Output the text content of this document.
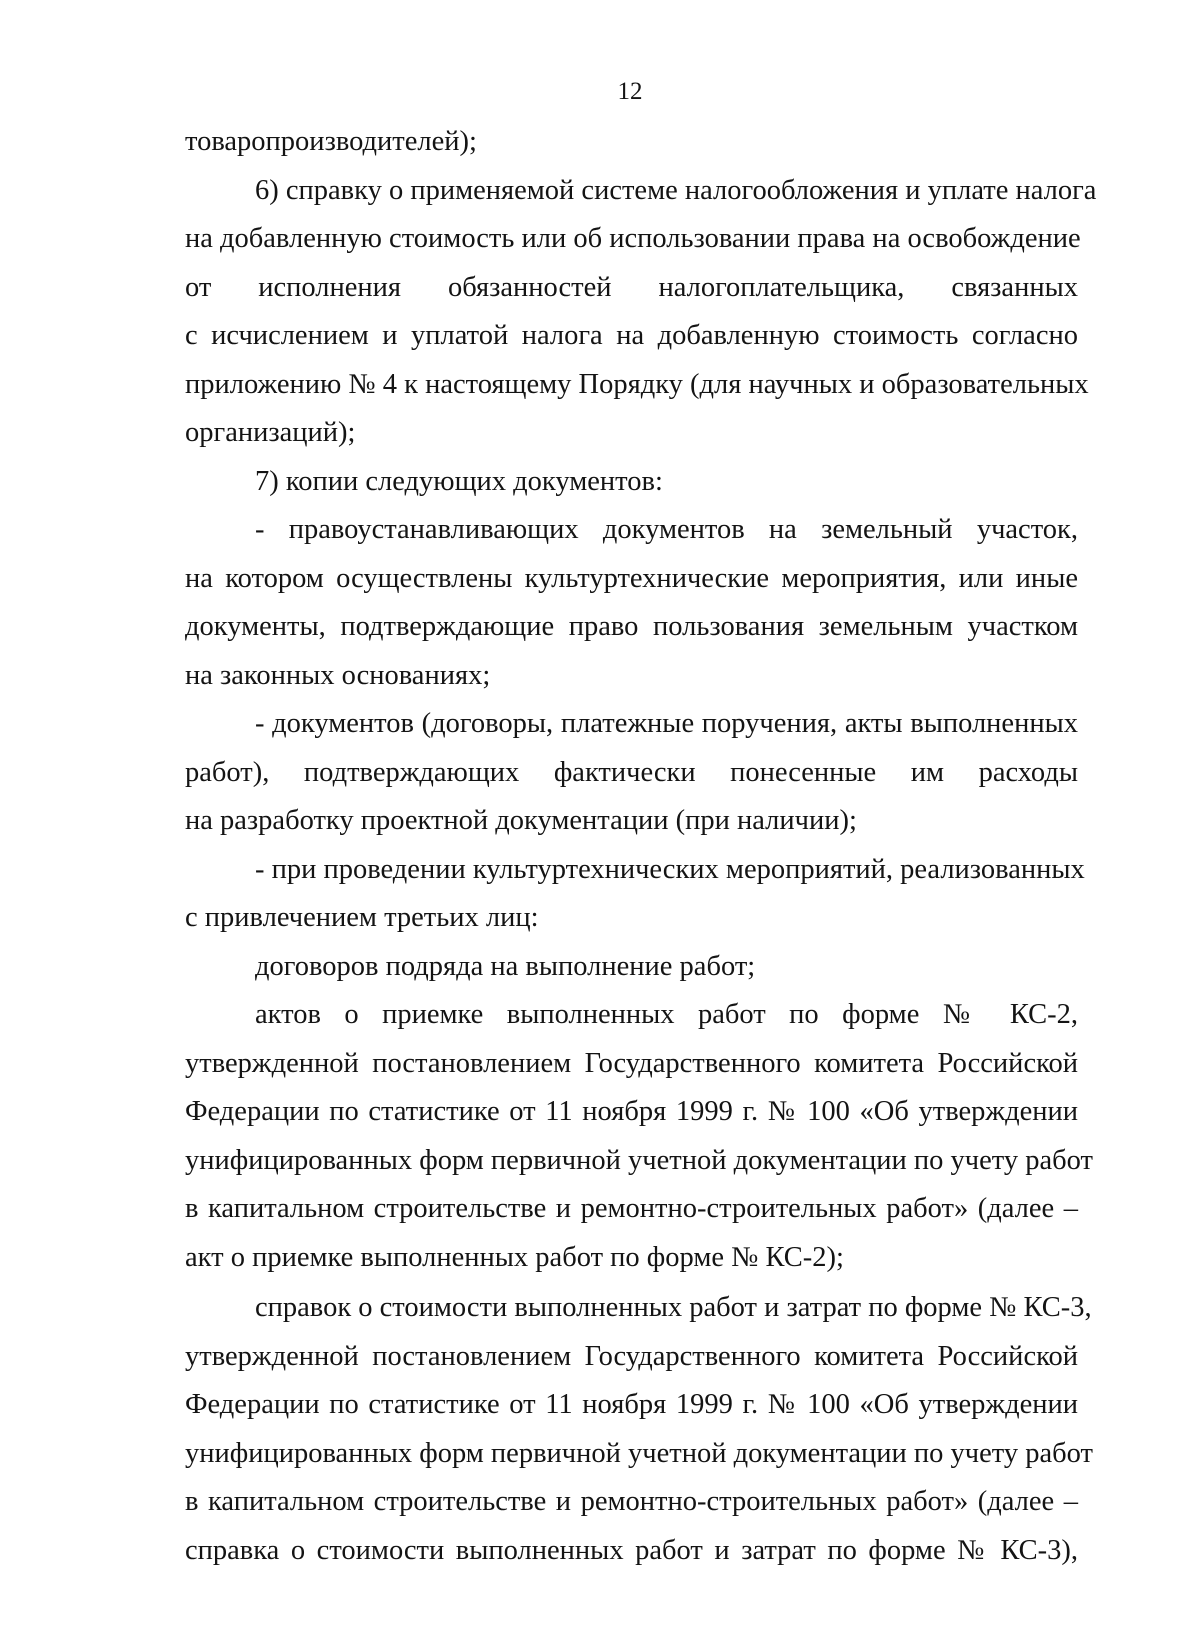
12
товаропроизводителей);
6) справку о применяемой системе налогообложения и уплате налога
на добавленную стоимость или об использовании права на освобождение
от исполнения обязанностей налогоплательщика, связанных
с исчислением и уплатой налога на добавленную стоимость согласно
приложению № 4 к настоящему Порядку (для научных и образовательных
организаций);
7) копии следующих документов:
- правоустанавливающих документов на земельный участок,
на котором осуществлены культуртехнические мероприятия, или иные
документы, подтверждающие право пользования земельным участком
на законных основаниях;
- документов (договоры, платежные поручения, акты выполненных
работ), подтверждающих фактически понесенные им расходы
на разработку проектной документации (при наличии);
- при проведении культуртехнических мероприятий, реализованных
с привлечением третьих лиц:
договоров подряда на выполнение работ;
актов о приемке выполненных работ по форме № КС-2,
утвержденной постановлением Государственного комитета Российской
Федерации по статистике от 11 ноября 1999 г. № 100 «Об утверждении
унифицированных форм первичной учетной документации по учету работ
в капитальном строительстве и ремонтно-строительных работ» (далее –
акт о приемке выполненных работ по форме № КС-2);
справок о стоимости выполненных работ и затрат по форме № КС-3,
утвержденной постановлением Государственного комитета Российской
Федерации по статистике от 11 ноября 1999 г. № 100 «Об утверждении
унифицированных форм первичной учетной документации по учету работ
в капитальном строительстве и ремонтно-строительных работ» (далее –
справка о стоимости выполненных работ и затрат по форме № КС-3),
